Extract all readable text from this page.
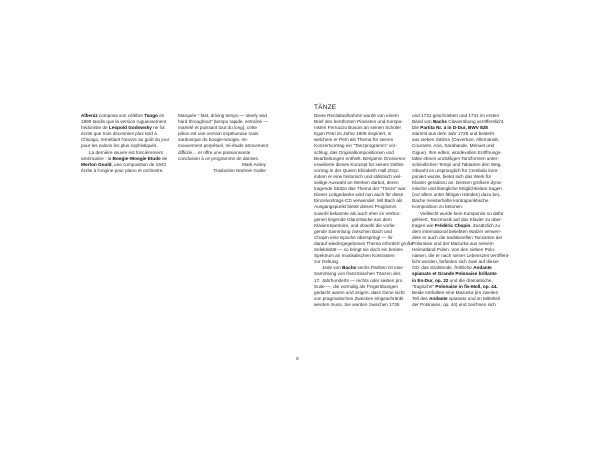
Albeniz composa son célèbre Tango en
1890 tandis que la version rugueusement
hédoniste de Leopold Godowsky ne fut
écrite que trois décennies plus tard à
Chicago, remettant l'œuvre au goût du jour
pour les salons les plus sophistiqués.
La dernière œuvre est foncièrement
américaine : la Boogie-Woogie Etude de
Morton Gould, une composition de 1943
écrite à l'origine pour piano et orchestre.
Marquée " fast, driving tempo — steely and
hard throughout" (tempo rapide, entraîné —
martelé et puissant tout du long), cette
pièce est une version impétueuse mais
sardonique du boogie-woogie, mi-
mouvement perpétuel, mi-étude atrocement
difficile… et offre une passionnante
conclusion à ce programme de danses.
Mark Ainley
Traduction Noémie Gatler
TÄNZE
Diese Recitalaufnahme wurde von einem
Brief des berühmten Pianisten und Kompo-
nisten Ferruccio Busoni an seinen Schüler
Egon Petri im Jahre 1909 inspiriert, in
welchem er Petri als Thema für seinen
Konzertvortrag ein "Tanzprogramm" vor-
schlug, das Originalkompositionen und
Bearbeitungen enthielt. Benjamin Grosvenor
erweiterte dieses Konzept für seinen Debüt-
vortrag in der Queen Elizabeth Hall 2012,
indem er eine historisch und stilistisch viel-
seitige Auswahl an Werken darbot, deren
tragende Stütze das Thema der "Tänze" war.
Dieser Leitgedanke wird nun auch für diese
Einzelvortrags-CD verwendet. Mit Bach als
Ausgangspunkt bietet dieses Programm
sowohl bekannte als auch eher im Verbor-
genen liegende Glanzstücke aus dem
Klavierrepertoire, und obwohl die vorlie-
gende Sammlung zwischen Bach und
Chopin eine Epoche überspringt — ihr
darauf wiedergegebenes Thema erfordert große
Selektivität — so bringt sie doch ein breites
Spektrum an musikalischen Kontrasten
zur Geltung.
Jede von Bachs sechs Partiten ist eine
Sammlung von französischen Tänzen des
17. Jahrhunderts — rechts oder sieben pro
Suite —, die vormalig als Fingerübungen
gedacht waren und zeigen, dass Gene nicht
von pragmatischen Zwecken eingeschränkt
werden muss. Sie wurden zwischen 1726
und 1731 geschrieben und 1731 im ersten
Band von Bachs Clavierübung veröffentlicht.
Die Partita Nr. 4 in D-Dur, BWV 828
stammt aus dem Jahr 1728 und besteht
aus sieben Sätzen (Ouverture, Allemande,
Courante, Aria, Sarabande, Menuet und
Gigue). Ihre edlen, würdevollen Eröffnungs-
takte ebnen unzähligen Tanzformen unter-
schiedlichen Tempi und Taktarten den Weg.
Obwohl es ursprünglich für Cembalo kom-
poniert wurde, bietet sich das Werk für
Klavier geradezu an. Dessen größere dyna-
mische und klangliche Möglichkeiten tragen
(vor allem unter fähigen Händen) dazu bei,
Bache meisterhafte kontrapunktische
Komposition zu betonen.
Vielleicht wurde kein Komponist so dafür
gefeiert, Tanzmusik auf das Klavier zu über-
tragen wie Frédéric Chopin. Zusätzlich zu
dem international beliebten Walzer verwen-
dete er auch die traditionellen Tanzarten der
Polonaise und der Mazurka aus seinem
Heimatland Polen. Von den sieben Polo-
naisen, die er nach seiner Lebenszeit veröffent-
licht wurden, befinden sich zwei auf dieser
CD: das strahlende, fröhliche Andante
spianato et Grande Polonaise brillante
in Es-Dur, op. 22 und die dramatische,
"tragische" Polonaise in fis-Moll, op. 44.
Beide enthalten eine Mazurka (im zweiten
Teil des Andante spianato und im Mittelteil
der Polonaise, op. 44) und zeichnen sich
8
